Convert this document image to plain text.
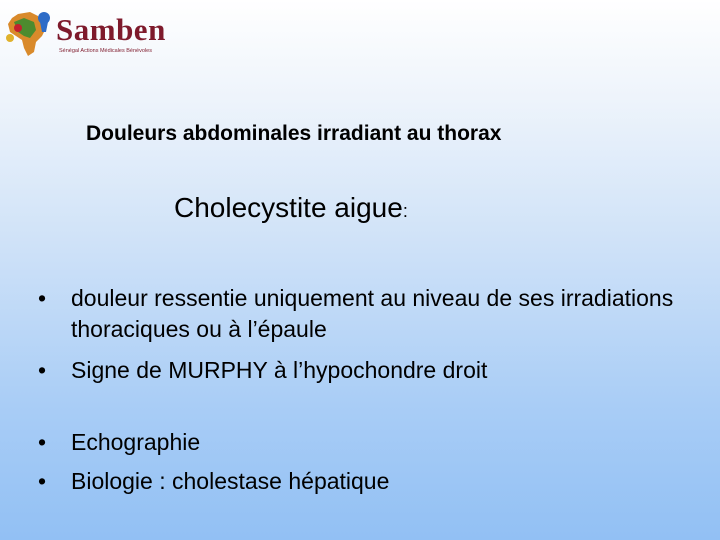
Samben
Sénégal Actions Médicales Bénévoles
Douleurs abdominales irradiant au thorax
Cholecystite aigue:
• douleur ressentie uniquement au niveau de ses irradiations thoraciques ou à l’épaule
• Signe de MURPHY à l’hypochondre droit
• Echographie
• Biologie : cholestase hépatique
